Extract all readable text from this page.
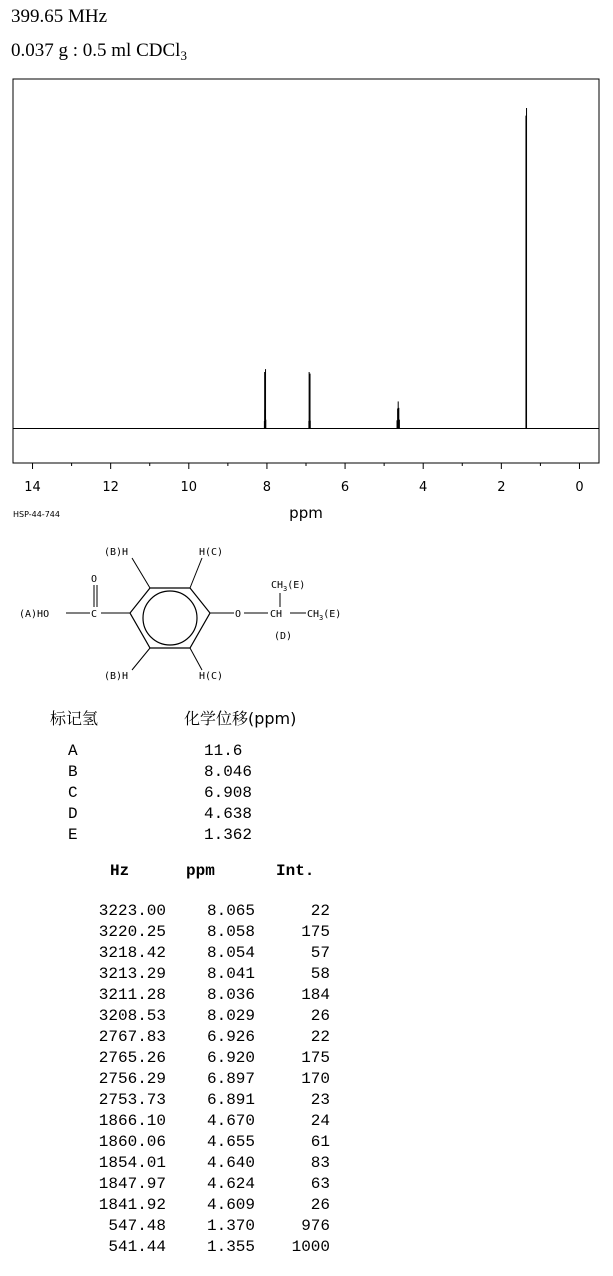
399.65 MHz
0.037 g : 0.5 ml CDCl$_3$
14	12	10	8	6	4	2	0
ppm
HSP-44-744
(B)H	H(C)
O
(A)HO	C	O
$CH_3(E)$
CH $CH_3(E)$
(D)
(B)H	H(C)
标记氢	化学位移(ppm)
A	11.6
B	8.046
C	6.908
D	4.638
E	1.362
Hz	ppm	Int.
3223.00	8.065	22
3220.25	8.058	175
3218.42	8.054	57
3213.29	8.041	58
3211.28	8.036	184
3208.53	8.029	26
2767.83	6.926	22
2765.26	6.920	175
2756.29	6.897	170
2753.73	6.891	23
1866.10	4.670	24
1860.06	4.655	61
1854.01	4.640	83
1847.97	4.624	63
1841.92	4.609	26
547.48	1.370	976
541.44	1.355	1000
